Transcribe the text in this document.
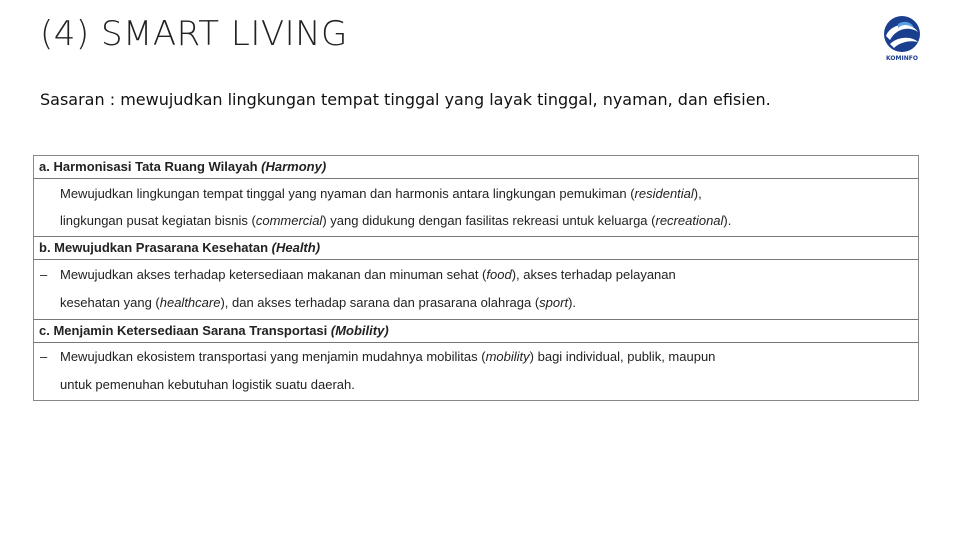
(4) SMART LIVING
KOMINFO
Sasaran : mewujudkan lingkungan tempat tinggal yang layak tinggal, nyaman, dan efisien.
a. Harmonisasi Tata Ruang Wilayah (Harmony)
Mewujudkan lingkungan tempat tinggal yang nyaman dan harmonis antara lingkungan pemukiman (residential),
lingkungan pusat kegiatan bisnis (commercial) yang didukung dengan fasilitas rekreasi untuk keluarga (recreational).
b. Mewujudkan Prasarana Kesehatan (Health)
– Mewujudkan akses terhadap ketersediaan makanan dan minuman sehat (food), akses terhadap pelayanan
kesehatan yang (healthcare), dan akses terhadap sarana dan prasarana olahraga (sport).
c. Menjamin Ketersediaan Sarana Transportasi (Mobility)
– Mewujudkan ekosistem transportasi yang menjamin mudahnya mobilitas (mobility) bagi individual, publik, maupun
untuk pemenuhan kebutuhan logistik suatu daerah.
